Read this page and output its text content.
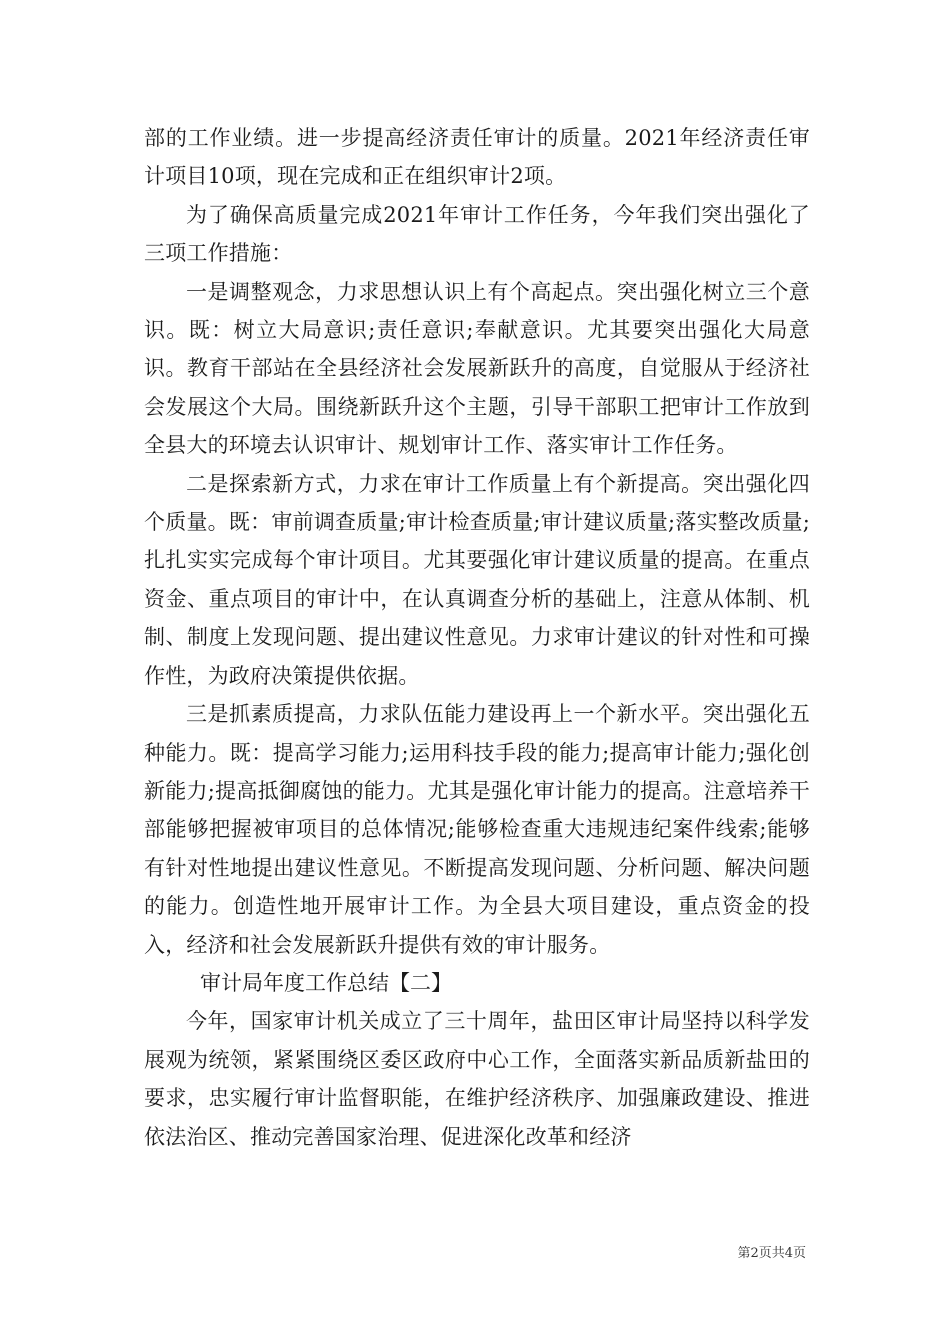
部的工作业绩。进一步提高经济责任审计的质量。2021年经济责任审计项目10项，现在完成和正在组织审计2项。

为了确保高质量完成2021年审计工作任务，今年我们突出强化了三项工作措施：

一是调整观念，力求思想认识上有个高起点。突出强化树立三个意识。既：树立大局意识;责任意识;奉献意识。尤其要突出强化大局意识。教育干部站在全县经济社会发展新跃升的高度，自觉服从于经济社会发展这个大局。围绕新跃升这个主题，引导干部职工把审计工作放到全县大的环境去认识审计、规划审计工作、落实审计工作任务。

二是探索新方式，力求在审计工作质量上有个新提高。突出强化四个质量。既：审前调查质量;审计检查质量;审计建议质量;落实整改质量;扎扎实实完成每个审计项目。尤其要强化审计建议质量的提高。在重点资金、重点项目的审计中，在认真调查分析的基础上，注意从体制、机制、制度上发现问题、提出建议性意见。力求审计建议的针对性和可操作性，为政府决策提供依据。

三是抓素质提高，力求队伍能力建设再上一个新水平。突出强化五种能力。既：提高学习能力;运用科技手段的能力;提高审计能力;强化创新能力;提高抵御腐蚀的能力。尤其是强化审计能力的提高。注意培养干部能够把握被审项目的总体情况;能够检查重大违规违纪案件线索;能够有针对性地提出建议性意见。不断提高发现问题、分析问题、解决问题的能力。创造性地开展审计工作。为全县大项目建设，重点资金的投入，经济和社会发展新跃升提供有效的审计服务。

审计局年度工作总结【二】

今年，国家审计机关成立了三十周年，盐田区审计局坚持以科学发展观为统领，紧紧围绕区委区政府中心工作，全面落实新品质新盐田的要求，忠实履行审计监督职能，在维护经济秩序、加强廉政建设、推进依法治区、推动完善国家治理、促进深化改革和经济

第2页共4页
